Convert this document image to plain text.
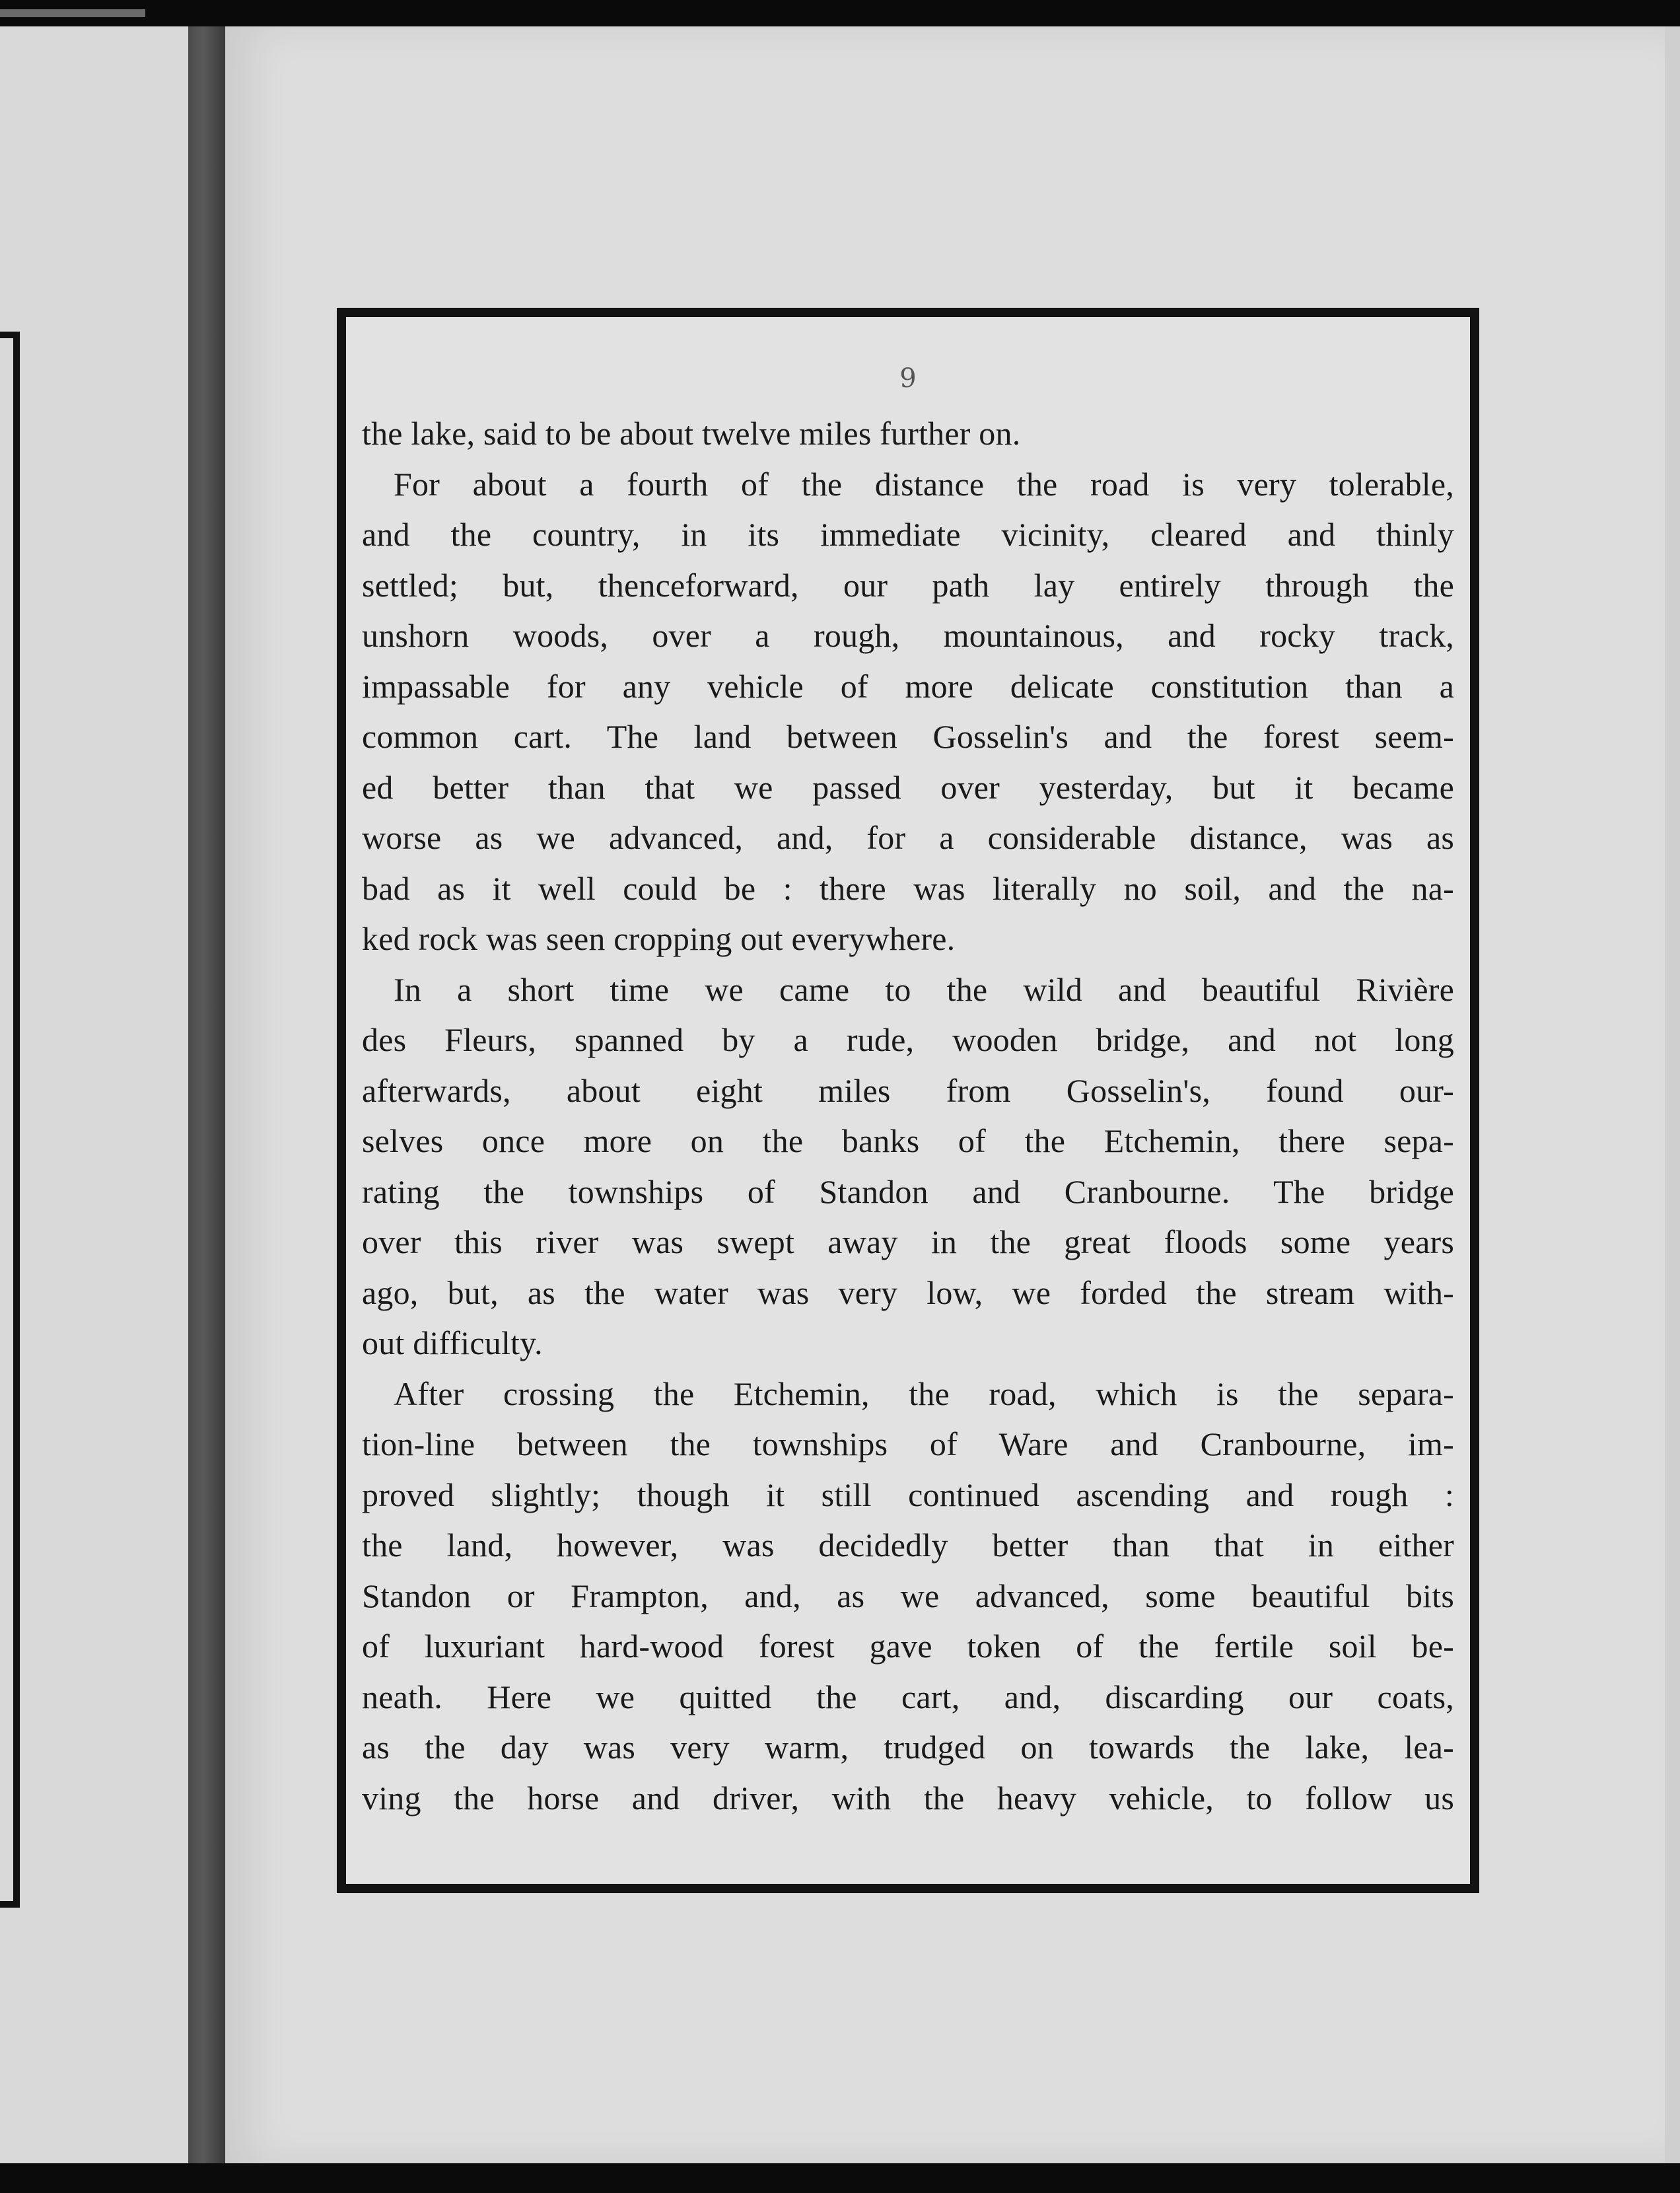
9
the lake, said to be about twelve miles further on.
For about a fourth of the distance the road is very tolerable,
and the country, in its immediate vicinity, cleared and thinly
settled; but, thenceforward, our path lay entirely through the
unshorn woods, over a rough, mountainous, and rocky track,
impassable for any vehicle of more delicate constitution than a
common cart. The land between Gosselin's and the forest seem-
ed better than that we passed over yesterday, but it became
worse as we advanced, and, for a considerable distance, was as
bad as it well could be : there was literally no soil, and the na-
ked rock was seen cropping out everywhere.
In a short time we came to the wild and beautiful Rivière
des Fleurs, spanned by a rude, wooden bridge, and not long
afterwards, about eight miles from Gosselin's, found our-
selves once more on the banks of the Etchemin, there sepa-
rating the townships of Standon and Cranbourne. The bridge
over this river was swept away in the great floods some years
ago, but, as the water was very low, we forded the stream with-
out difficulty.
After crossing the Etchemin, the road, which is the separa-
tion-line between the townships of Ware and Cranbourne, im-
proved slightly; though it still continued ascending and rough :
the land, however, was decidedly better than that in either
Standon or Frampton, and, as we advanced, some beautiful bits
of luxuriant hard-wood forest gave token of the fertile soil be-
neath. Here we quitted the cart, and, discarding our coats,
as the day was very warm, trudged on towards the lake, lea-
ving the horse and driver, with the heavy vehicle, to follow us
